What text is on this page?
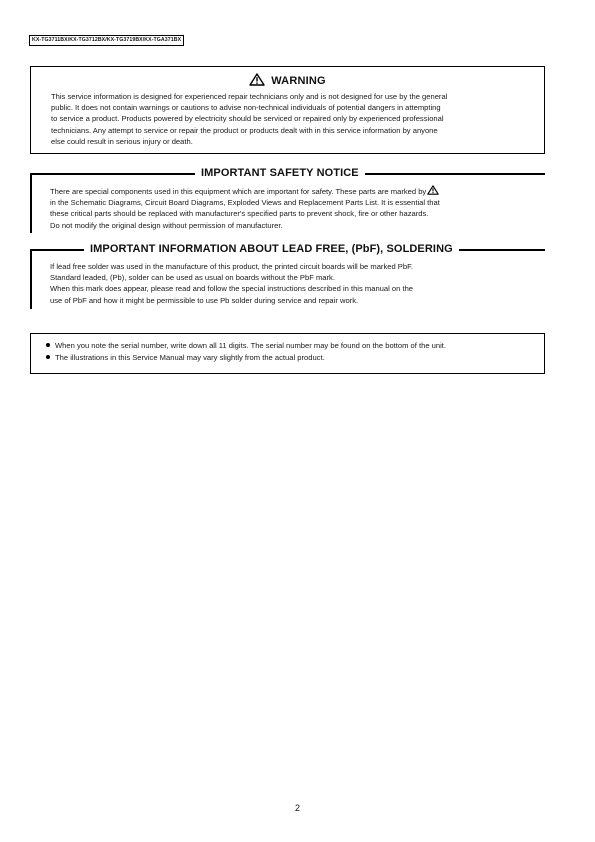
KX-TG3711BX/KX-TG3712BX/KX-TG3719BX/KX-TGA371BX
WARNING
This service information is designed for experienced repair technicians only and is not designed for use by the general
public. It does not contain warnings or cautions to advise non-technical individuals of potential dangers in attempting
to service a product. Products powered by electricity should be serviced or repaired only by experienced professional
technicians. Any attempt to service or repair the product or products dealt with in this service information by anyone
else could result in serious injury or death.
IMPORTANT SAFETY NOTICE
There are special components used in this equipment which are important for safety. These parts are marked by
in the Schematic Diagrams, Circuit Board Diagrams, Exploded Views and Replacement Parts List. It is essential that
these critical parts should be replaced with manufacturer's specified parts to prevent shock, fire or other hazards.
Do not modify the original design without permission of manufacturer.
IMPORTANT INFORMATION ABOUT LEAD FREE, (PbF), SOLDERING
If lead free solder was used in the manufacture of this product, the printed circuit boards will be marked PbF.
Standard leaded, (Pb), solder can be used as usual on boards without the PbF mark.
When this mark does appear, please read and follow the special instructions described in this manual on the
use of PbF and how it might be permissible to use Pb solder during service and repair work.
When you note the serial number, write down all 11 digits. The serial number may be found on the bottom of the unit.
The illustrations in this Service Manual may vary slightly from the actual product.
2
